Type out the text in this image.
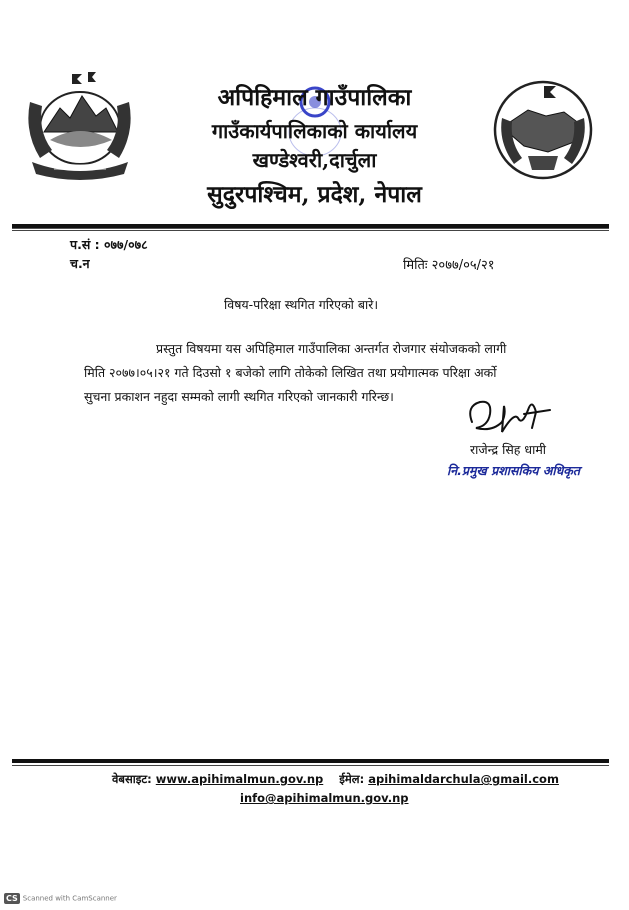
अपिहिमाल गाउँपालिका
गाउँकार्यपालिकाको कार्यालय
खण्डेश्वरी,दार्चुला
सुदुरपश्चिम, प्रदेश, नेपाल
प.सं : ०७७/०७८
च.न	मितिः २०७७/०५/२१
विषय-परिक्षा स्थगित गरिएको बारे।
प्रस्तुत विषयमा यस अपिहिमाल गाउँपालिका अन्तर्गत रोजगार संयोजकको लागी
मिति २०७७।०५।२१ गते दिउसो १ बजेको लागि तोकेको लिखित तथा प्रयोगात्मक परिक्षा अर्को
सुचना प्रकाशन नहुदा सम्मको लागी स्थगित गरिएको जानकारी गरिन्छ।
राजेन्द्र सिह धामी
नि.प्रमुख प्रशासकिय अधिकृत
वेबसाइट: www.apihimalmun.gov.np ईमेल: apihimaldarchula@gmail.com
info@apihimalmun.gov.np
CS Scanned with CamScanner
